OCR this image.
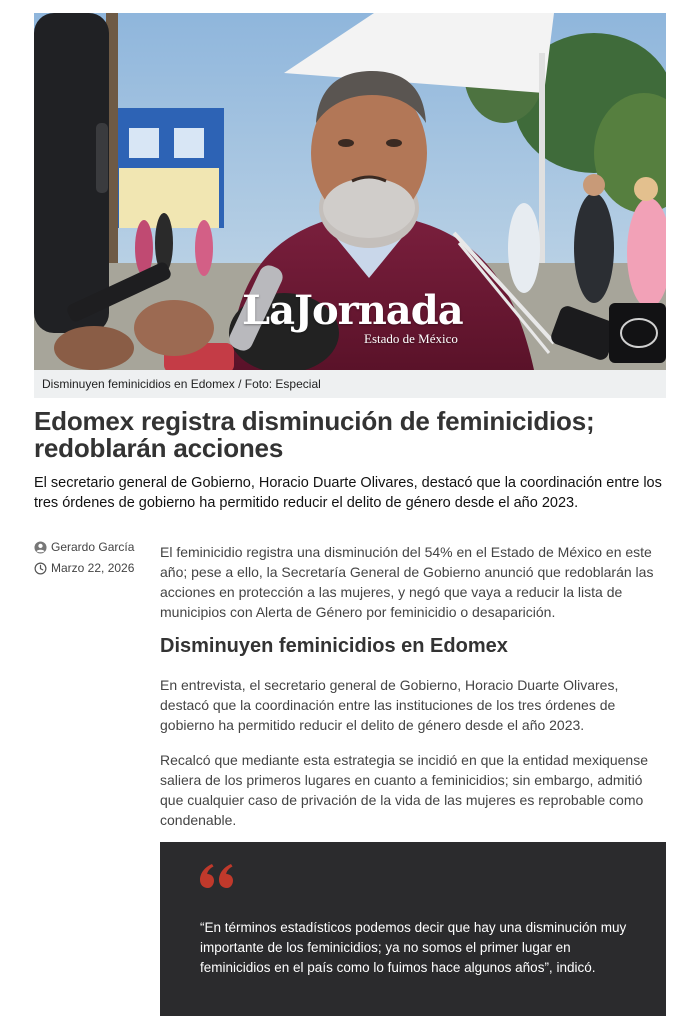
LaJornada
Estado de México
Disminuyen feminicidios en Edomex / Foto: Especial
Edomex registra disminución de feminicidios; redoblarán acciones

El secretario general de Gobierno, Horacio Duarte Olivares, destacó que la coordinación entre los tres órdenes de gobierno ha permitido reducir el delito de género desde el año 2023.

Gerardo García
Marzo 22, 2026

El feminicidio registra una disminución del 54% en el Estado de México en este año; pese a ello, la Secretaría General de Gobierno anunció que redoblarán las acciones en protección a las mujeres, y negó que vaya a reducir la lista de municipios con Alerta de Género por feminicidio o desaparición.

Disminuyen feminicidios en Edomex

En entrevista, el secretario general de Gobierno, Horacio Duarte Olivares, destacó que la coordinación entre las instituciones de los tres órdenes de gobierno ha permitido reducir el delito de género desde el año 2023.

Recalcó que mediante esta estrategia se incidió en que la entidad mexiquense saliera de los primeros lugares en cuanto a feminicidios; sin embargo, admitió que cualquier caso de privación de la vida de las mujeres es reprobable como condenable.

“En términos estadísticos podemos decir que hay una disminución muy importante de los feminicidios; ya no somos el primer lugar en feminicidios en el país como lo fuimos hace algunos años”, indicó.
